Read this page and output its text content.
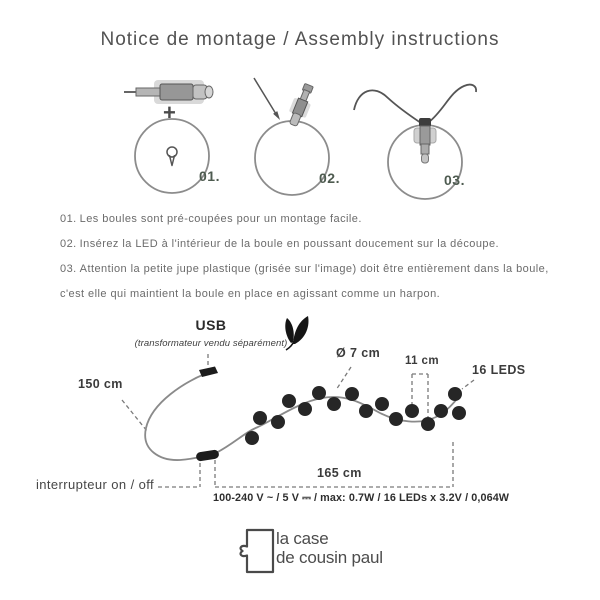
Notice de montage / Assembly instructions
+
01.	02.	03.

01. Les boules sont pré-coupées pour un montage facile.

02. Insérez la LED à l'intérieur de la boule en poussant doucement sur la découpe.

03. Attention la petite jupe plastique (grisée sur l'image) doit être entièrement dans la boule, c'est elle qui maintient la boule en place en agissant comme un harpon.

USB
(transformateur vendu séparément)
150 cm
Ø 7 cm
11 cm
16 LEDS
165 cm
interrupteur on / off
100-240 V ~ / 5 V ⎓ / max: 0.7W / 16 LEDs x 3.2V / 0,064W
la case
de cousin paul
